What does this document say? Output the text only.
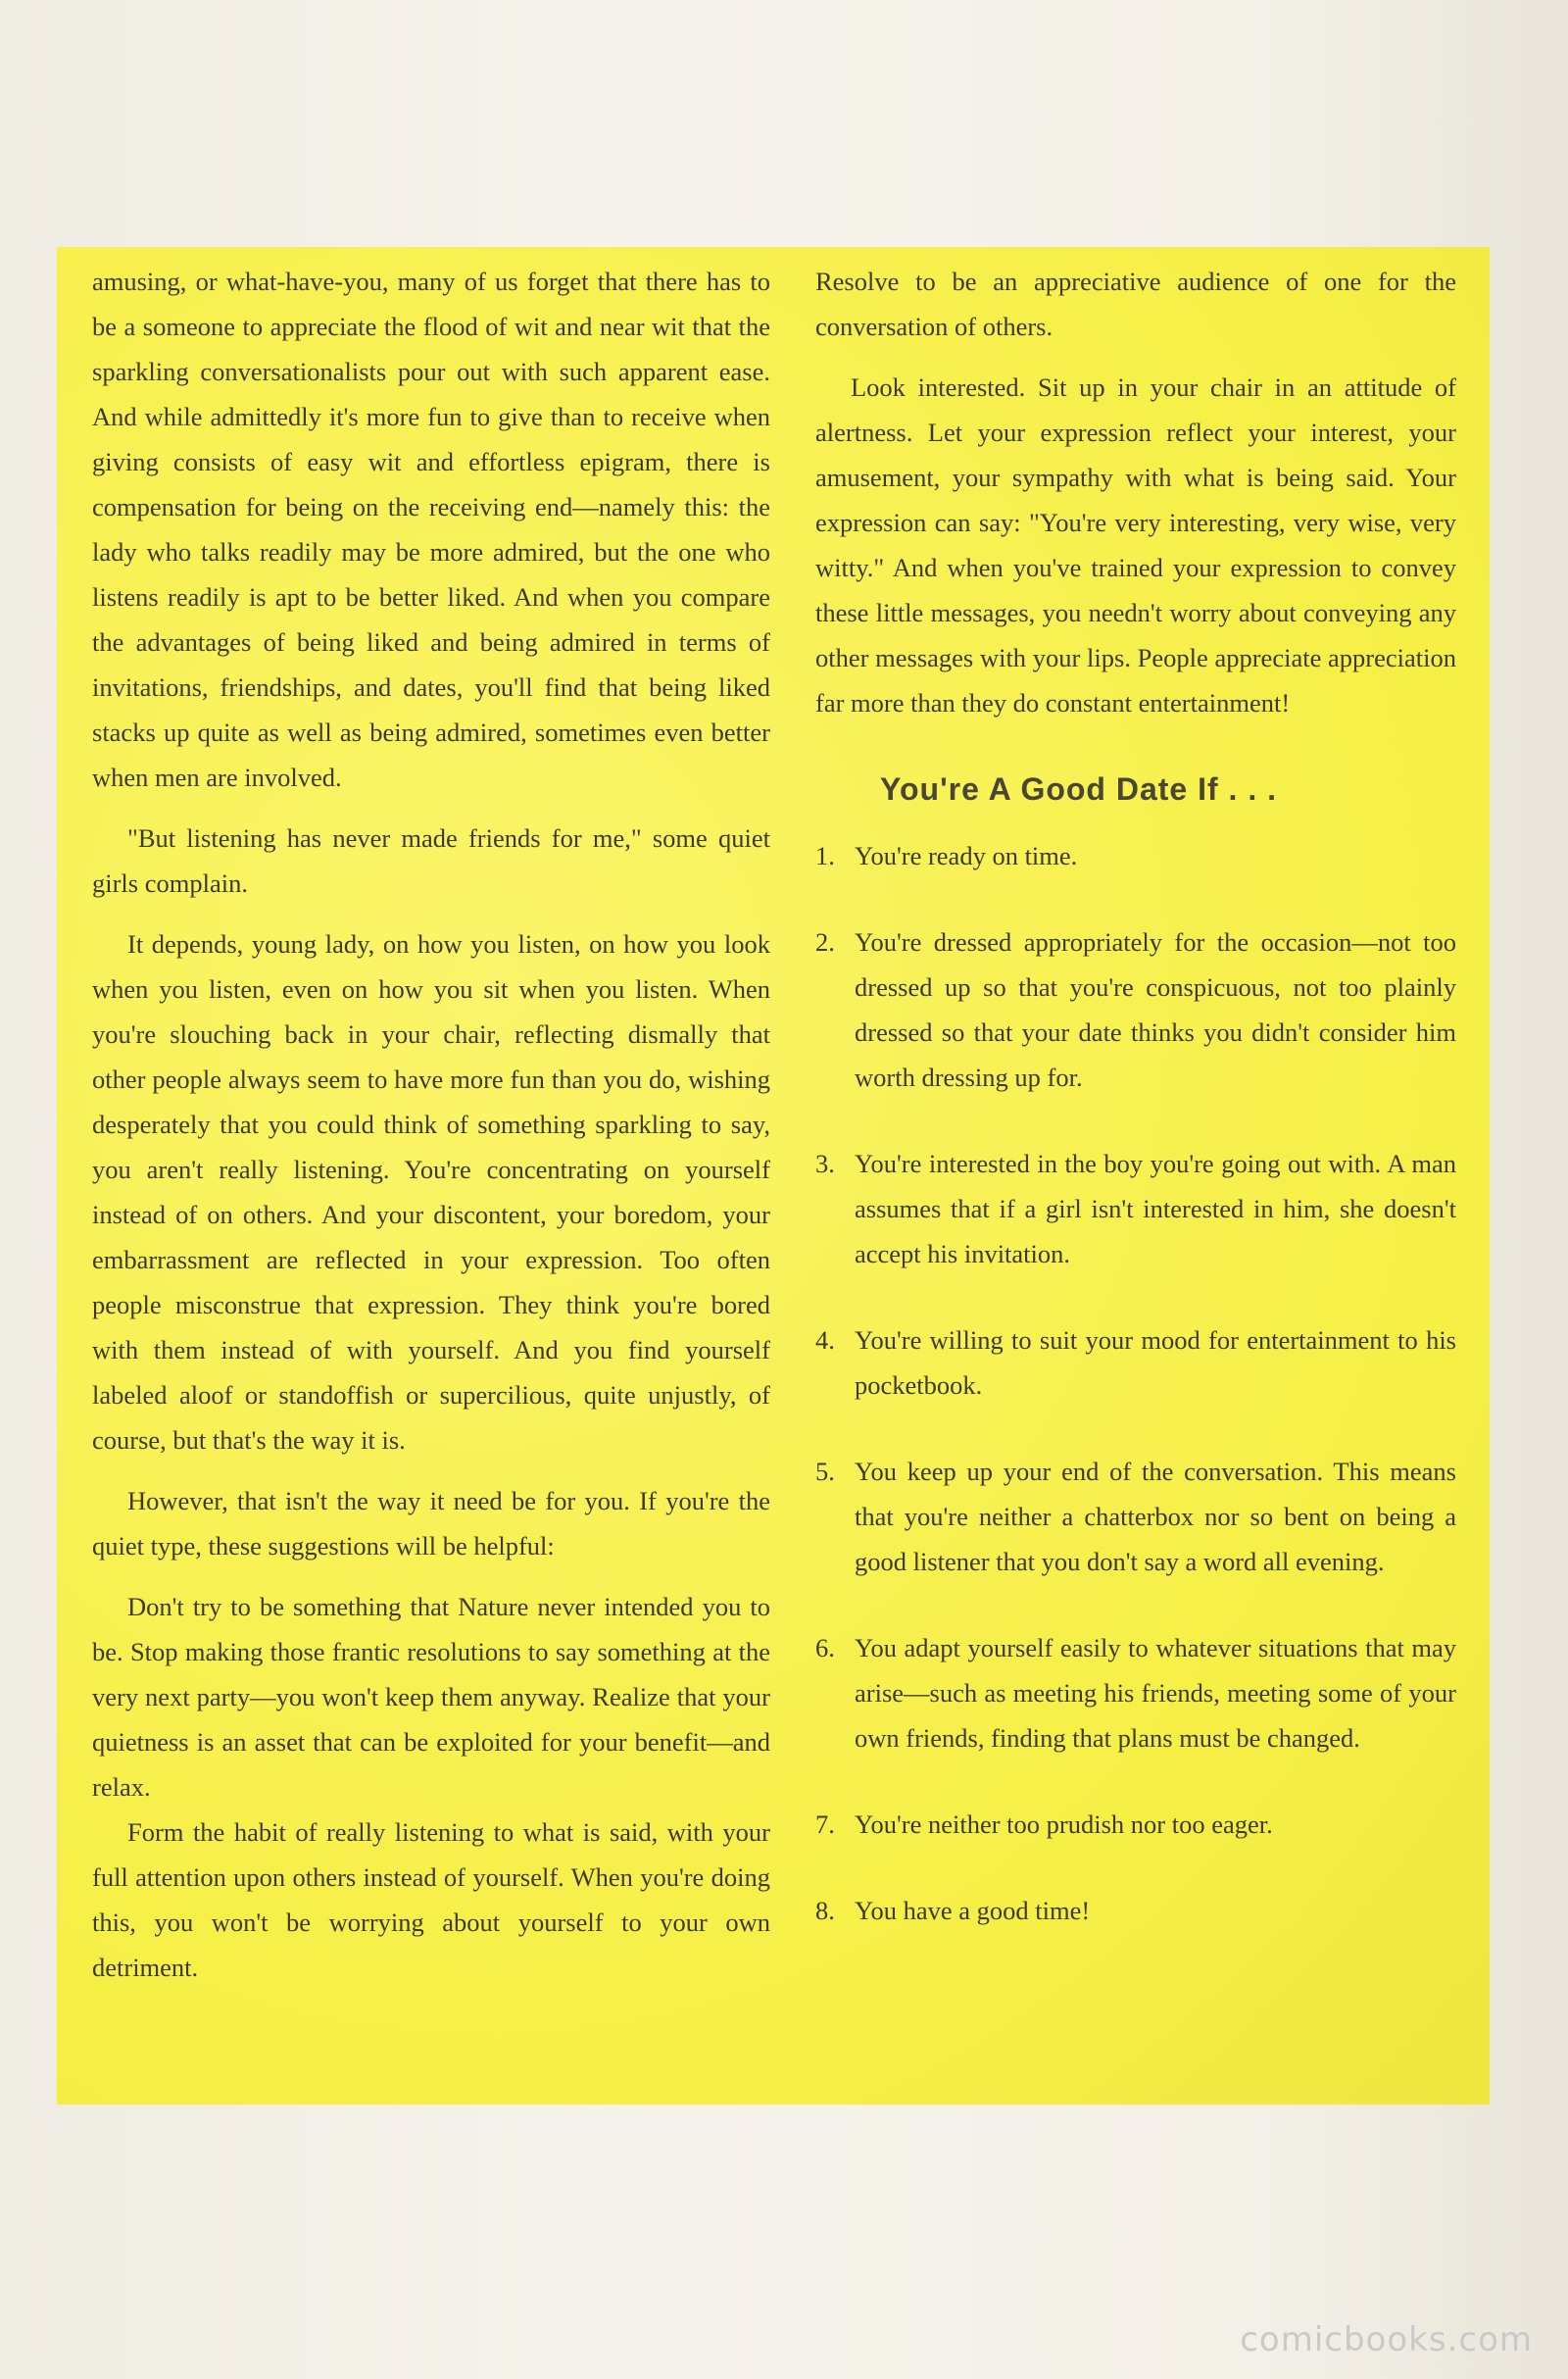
amusing, or what-have-you, many of us forget that there has to be a someone to appreciate the flood of wit and near wit that the sparkling conversationalists pour out with such apparent ease. And while admittedly it's more fun to give than to receive when giving consists of easy wit and effortless epigram, there is compensation for being on the receiving end—namely this: the lady who talks readily may be more admired, but the one who listens readily is apt to be better liked. And when you compare the advantages of being liked and being admired in terms of invitations, friendships, and dates, you'll find that being liked stacks up quite as well as being admired, sometimes even better when men are involved.

"But listening has never made friends for me," some quiet girls complain.

It depends, young lady, on how you listen, on how you look when you listen, even on how you sit when you listen. When you're slouching back in your chair, reflecting dismally that other people always seem to have more fun than you do, wishing desperately that you could think of something sparkling to say, you aren't really listening. You're concentrating on yourself instead of on others. And your discontent, your boredom, your embarrassment are reflected in your expression. Too often people misconstrue that expression. They think you're bored with them instead of with yourself. And you find yourself labeled aloof or standoffish or supercilious, quite unjustly, of course, but that's the way it is.

However, that isn't the way it need be for you. If you're the quiet type, these suggestions will be helpful:

Don't try to be something that Nature never intended you to be. Stop making those frantic resolutions to say something at the very next party—you won't keep them anyway. Realize that your quietness is an asset that can be exploited for your benefit—and relax.

Form the habit of really listening to what is said, with your full attention upon others instead of yourself. When you're doing this, you won't be worrying about yourself to your own detriment.

Resolve to be an appreciative audience of one for the conversation of others.

Look interested. Sit up in your chair in an attitude of alertness. Let your expression reflect your interest, your amusement, your sympathy with what is being said. Your expression can say: "You're very interesting, very wise, very witty." And when you've trained your expression to convey these little messages, you needn't worry about conveying any other messages with your lips. People appreciate appreciation far more than they do constant entertainment!

You're A Good Date If . . .
1. You're ready on time.
2. You're dressed appropriately for the occasion—not too dressed up so that you're conspicuous, not too plainly dressed so that your date thinks you didn't consider him worth dressing up for.
3. You're interested in the boy you're going out with. A man assumes that if a girl isn't interested in him, she doesn't accept his invitation.
4. You're willing to suit your mood for entertainment to his pocketbook.
5. You keep up your end of the conversation. This means that you're neither a chatterbox nor so bent on being a good listener that you don't say a word all evening.
6. You adapt yourself easily to whatever situations that may arise—such as meeting his friends, meeting some of your own friends, finding that plans must be changed.
7. You're neither too prudish nor too eager.
8. You have a good time!
comicbooks.com
